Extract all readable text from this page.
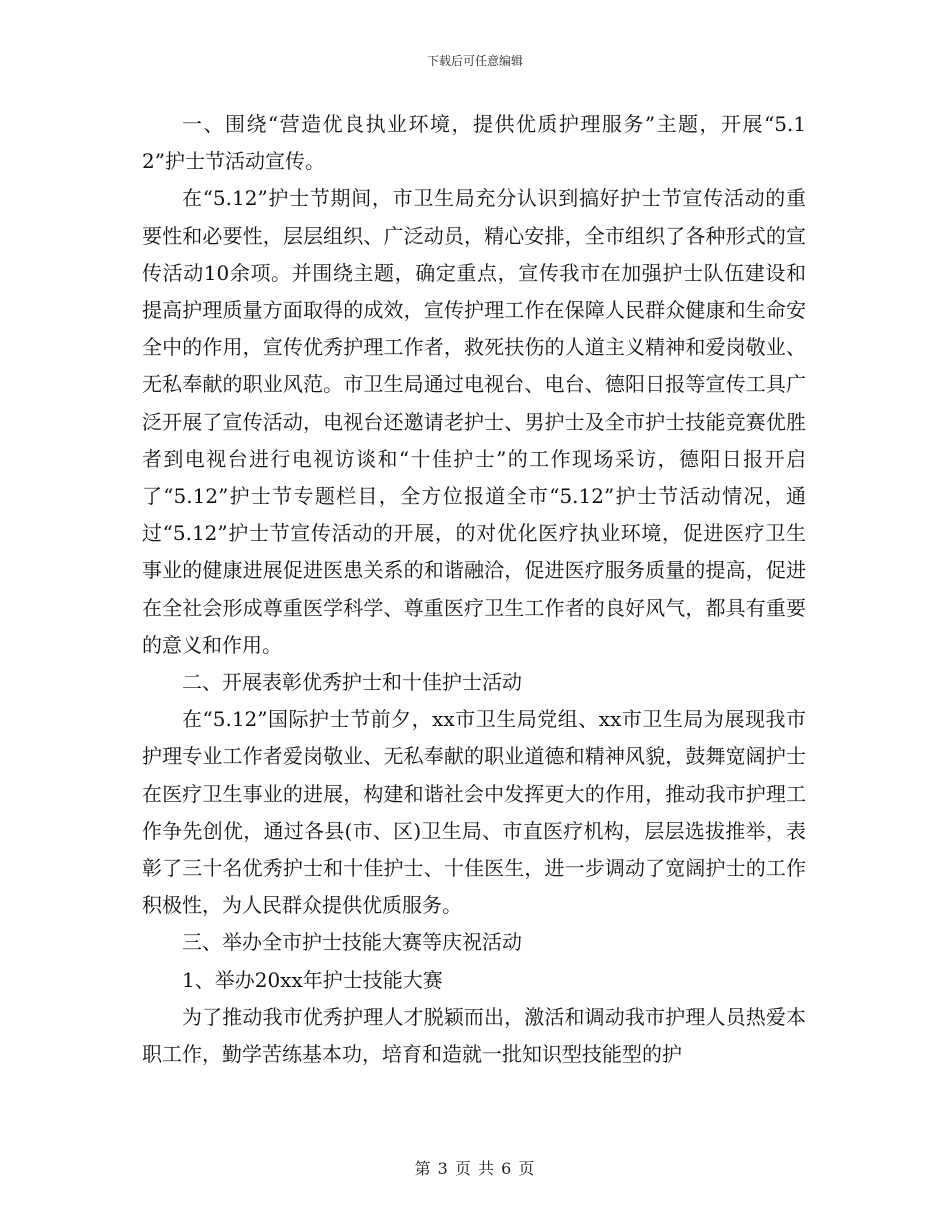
下载后可任意编辑

一、围绕“营造优良执业环境，提供优质护理服务”主题，开展“5.12”护士节活动宣传。

在“5.12”护士节期间，市卫生局充分认识到搞好护士节宣传活动的重要性和必要性，层层组织、广泛动员，精心安排，全市组织了各种形式的宣传活动10余项。并围绕主题，确定重点，宣传我市在加强护士队伍建设和提高护理质量方面取得的成效，宣传护理工作在保障人民群众健康和生命安全中的作用，宣传优秀护理工作者，救死扶伤的人道主义精神和爱岗敬业、无私奉献的职业风范。市卫生局通过电视台、电台、德阳日报等宣传工具广泛开展了宣传活动，电视台还邀请老护士、男护士及全市护士技能竞赛优胜者到电视台进行电视访谈和“十佳护士”的工作现场采访，德阳日报开启了“5.12”护士节专题栏目，全方位报道全市“5.12”护士节活动情况，通过“5.12”护士节宣传活动的开展，的对优化医疗执业环境，促进医疗卫生事业的健康进展促进医患关系的和谐融洽，促进医疗服务质量的提高，促进在全社会形成尊重医学科学、尊重医疗卫生工作者的良好风气，都具有重要的意义和作用。

二、开展表彰优秀护士和十佳护士活动

在“5.12”国际护士节前夕，xx市卫生局党组、xx市卫生局为展现我市护理专业工作者爱岗敬业、无私奉献的职业道德和精神风貌，鼓舞宽阔护士在医疗卫生事业的进展，构建和谐社会中发挥更大的作用，推动我市护理工作争先创优，通过各县(市、区)卫生局、市直医疗机构，层层选拔推举，表彰了三十名优秀护士和十佳护士、十佳医生，进一步调动了宽阔护士的工作积极性，为人民群众提供优质服务。

三、举办全市护士技能大赛等庆祝活动

1、举办20xx年护士技能大赛

为了推动我市优秀护理人才脱颖而出，激活和调动我市护理人员热爱本职工作，勤学苦练基本功，培育和造就一批知识型技能型的护

第 3 页 共 6 页
